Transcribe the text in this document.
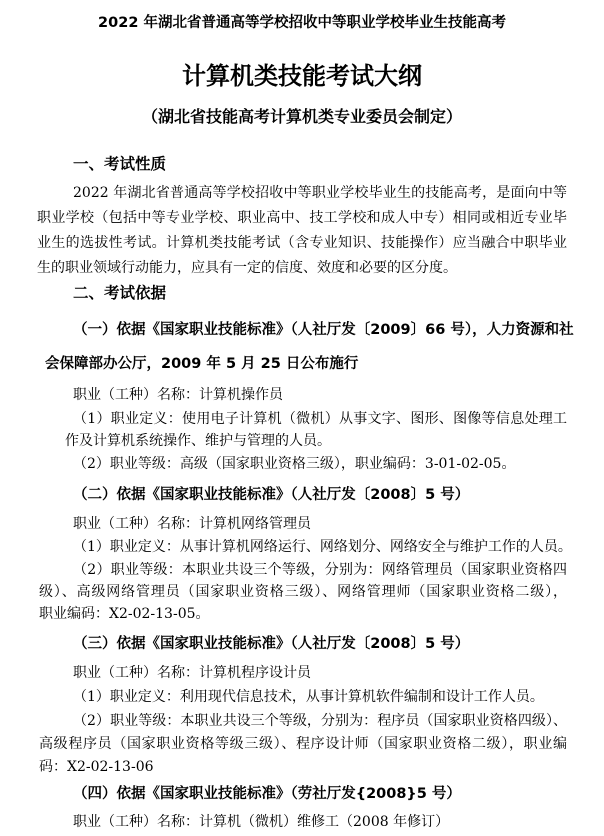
2022 年湖北省普通高等学校招收中等职业学校毕业生技能高考
计算机类技能考试大纲
（湖北省技能高考计算机类专业委员会制定）
一、考试性质
2022 年湖北省普通高等学校招收中等职业学校毕业生的技能高考，是面向中等
职业学校（包括中等专业学校、职业高中、技工学校和成人中专）相同或相近专业毕
业生的选拔性考试。计算机类技能考试（含专业知识、技能操作）应当融合中职毕业
生的职业领域行动能力，应具有一定的信度、效度和必要的区分度。
二、考试依据
（一）依据《国家职业技能标准》（人社厅发〔2009〕66 号），人力资源和社
会保障部办公厅，2009 年 5 月 25 日公布施行
职业（工种）名称：计算机操作员
（1）职业定义：使用电子计算机（微机）从事文字、图形、图像等信息处理工
作及计算机系统操作、维护与管理的人员。
（2）职业等级：高级（国家职业资格三级），职业编码：3-01-02-05。
（二）依据《国家职业技能标准》（人社厅发〔2008〕5 号）
职业（工种）名称：计算机网络管理员
（1）职业定义：从事计算机网络运行、网络划分、网络安全与维护工作的人员。
（2）职业等级：本职业共设三个等级，分别为：网络管理员（国家职业资格四
级）、高级网络管理员（国家职业资格三级）、网络管理师（国家职业资格二级），
职业编码：X2-02-13-05。
（三）依据《国家职业技能标准》（人社厅发〔2008〕5 号）
职业（工种）名称：计算机程序设计员
（1）职业定义：利用现代信息技术，从事计算机软件编制和设计工作人员。
（2）职业等级：本职业共设三个等级，分别为：程序员（国家职业资格四级）、
高级程序员（国家职业资格等级三级）、程序设计师（国家职业资格二级），职业编
码：X2-02-13-06
（四）依据《国家职业技能标准》（劳社厅发{2008}5 号）
职业（工种）名称：计算机（微机）维修工（2008 年修订）
